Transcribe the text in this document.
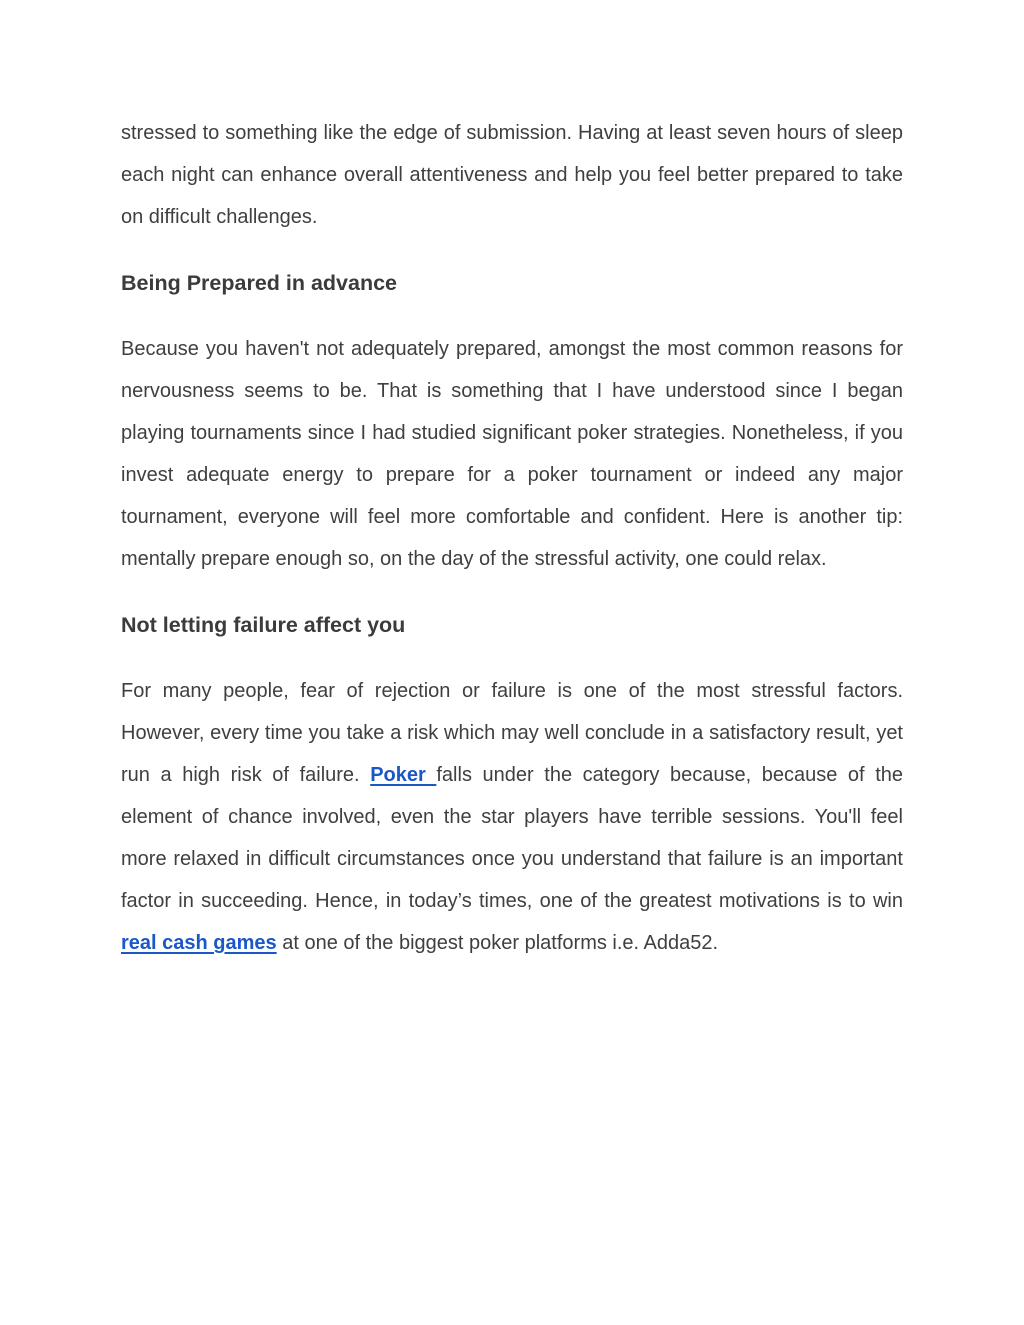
stressed to something like the edge of submission. Having at least seven hours of sleep each night can enhance overall attentiveness and help you feel better prepared to take on difficult challenges.

Being Prepared in advance

Because you haven't not adequately prepared, amongst the most common reasons for nervousness seems to be. That is something that I have understood since I began playing tournaments since I had studied significant poker strategies. Nonetheless, if you invest adequate energy to prepare for a poker tournament or indeed any major tournament, everyone will feel more comfortable and confident. Here is another tip: mentally prepare enough so, on the day of the stressful activity, one could relax.

Not letting failure affect you

For many people, fear of rejection or failure is one of the most stressful factors. However, every time you take a risk which may well conclude in a satisfactory result, yet run a high risk of failure. Poker falls under the category because, because of the element of chance involved, even the star players have terrible sessions. You'll feel more relaxed in difficult circumstances once you understand that failure is an important factor in succeeding. Hence, in today’s times, one of the greatest motivations is to win real cash games at one of the biggest poker platforms i.e. Adda52.
